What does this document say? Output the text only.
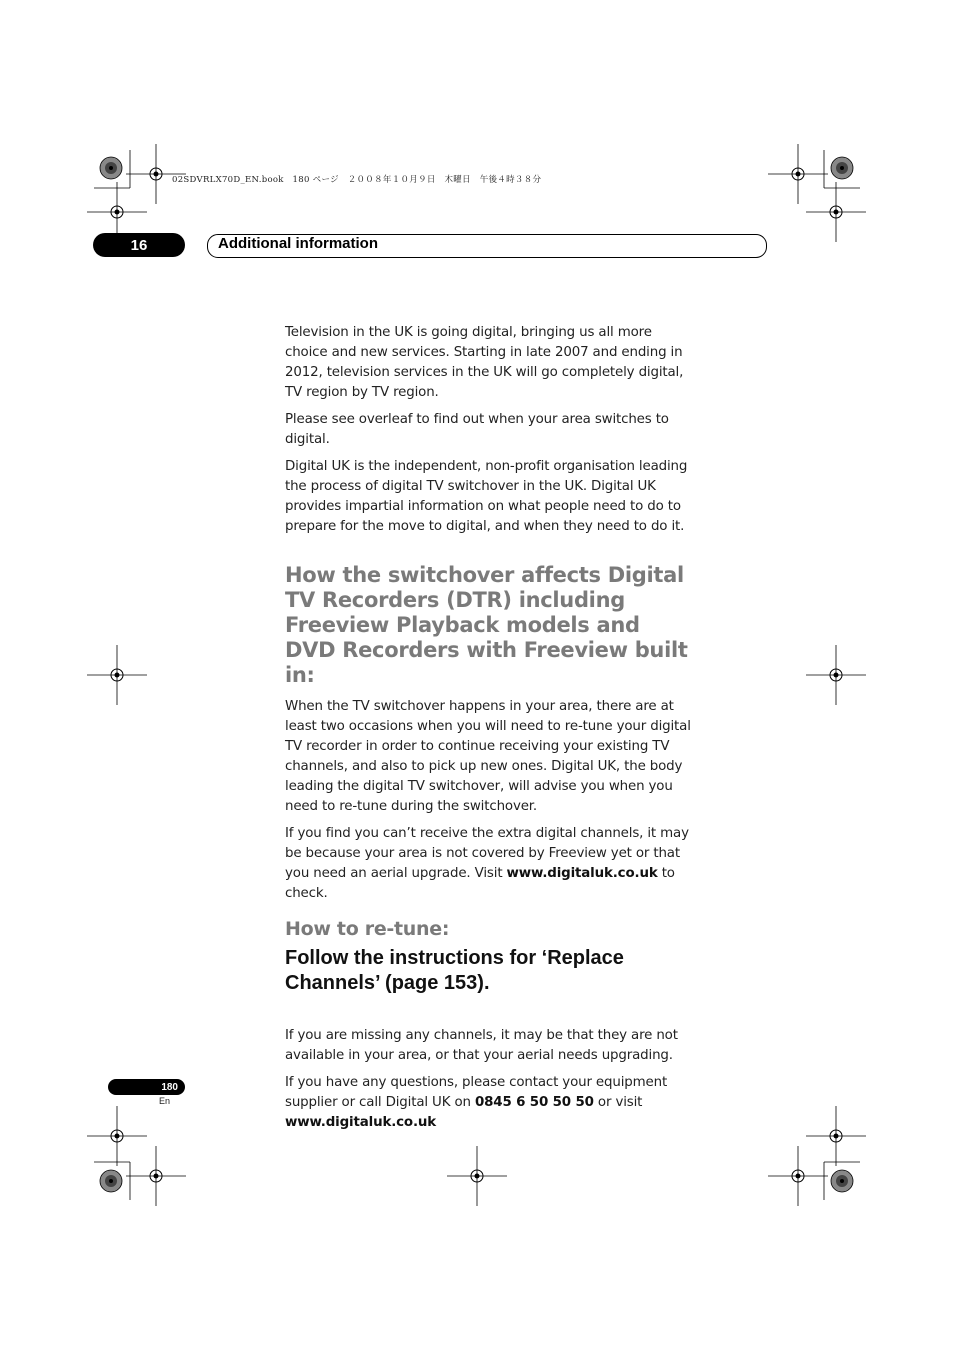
02SDVRLX70D_EN.book　180 ページ　２００８年１０月９日　木曜日　午後４時３８分
16	Additional information

Television in the UK is going digital, bringing us all more choice and new services. Starting in late 2007 and ending in 2012, television services in the UK will go completely digital, TV region by TV region.

Please see overleaf to find out when your area switches to digital.

Digital UK is the independent, non-profit organisation leading the process of digital TV switchover in the UK. Digital UK provides impartial information on what people need to do to prepare for the move to digital, and when they need to do it.

How the switchover affects Digital TV Recorders (DTR) including Freeview Playback models and DVD Recorders with Freeview built in:

When the TV switchover happens in your area, there are at least two occasions when you will need to re-tune your digital TV recorder in order to continue receiving your existing TV channels, and also to pick up new ones. Digital UK, the body leading the digital TV switchover, will advise you when you need to re-tune during the switchover.

If you find you can’t receive the extra digital channels, it may be because your area is not covered by Freeview yet or that you need an aerial upgrade. Visit www.digitaluk.co.uk to check.

How to re-tune:
Follow the instructions for ‘Replace Channels’ (page 153).

If you are missing any channels, it may be that they are not available in your area, or that your aerial needs upgrading.

If you have any questions, please contact your equipment supplier or call Digital UK on 0845 6 50 50 50 or visit www.digitaluk.co.uk

180
En
